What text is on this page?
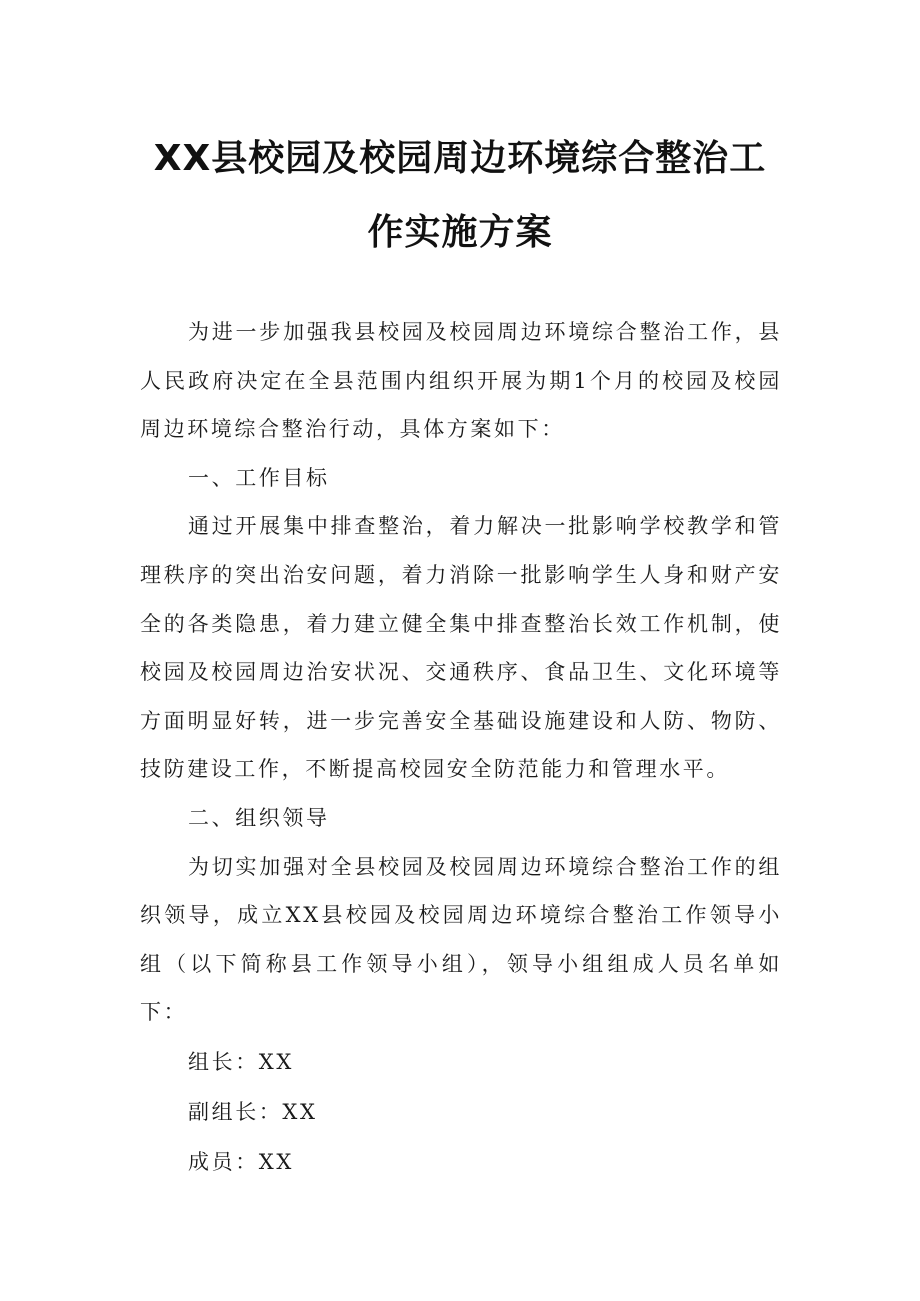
XX县校园及校园周边环境综合整治工
作实施方案

为进一步加强我县校园及校园周边环境综合整治工作，县人民政府决定在全县范围内组织开展为期1个月的校园及校园周边环境综合整治行动，具体方案如下：

一、工作目标

通过开展集中排查整治，着力解决一批影响学校教学和管理秩序的突出治安问题，着力消除一批影响学生人身和财产安全的各类隐患，着力建立健全集中排查整治长效工作机制，使校园及校园周边治安状况、交通秩序、食品卫生、文化环境等方面明显好转，进一步完善安全基础设施建设和人防、物防、技防建设工作，不断提高校园安全防范能力和管理水平。

二、组织领导

为切实加强对全县校园及校园周边环境综合整治工作的组织领导，成立XX县校园及校园周边环境综合整治工作领导小组（以下简称县工作领导小组），领导小组组成人员名单如下：

组长：XX

副组长：XX

成员：XX
